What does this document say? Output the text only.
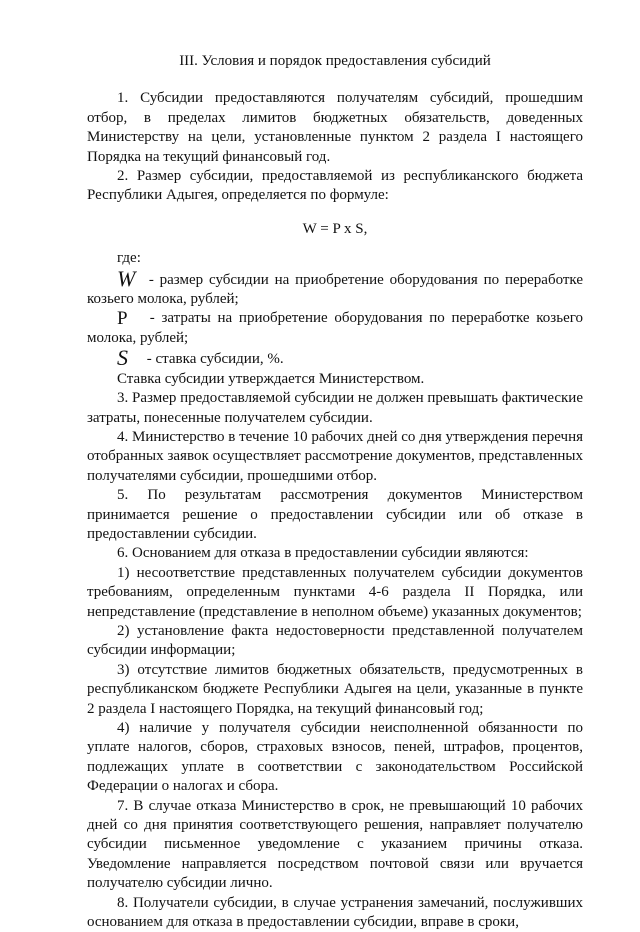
III. Условия и порядок предоставления субсидий

1. Субсидии предоставляются получателям субсидий, прошедшим отбор, в пределах лимитов бюджетных обязательств, доведенных Министерству на цели, установленные пунктом 2 раздела I настоящего Порядка на текущий финансовый год.

2. Размер субсидии, предоставляемой из республиканского бюджета Республики Адыгея, определяется по формуле:

W = P x S,

где:

W - размер субсидии на приобретение оборудования по переработке козьего молока, рублей;

P - затраты на приобретение оборудования по переработке козьего молока, рублей;

S - ставка субсидии, %.

Ставка субсидии утверждается Министерством.

3. Размер предоставляемой субсидии не должен превышать фактические затраты, понесенные получателем субсидии.

4. Министерство в течение 10 рабочих дней со дня утверждения перечня отобранных заявок осуществляет рассмотрение документов, представленных получателями субсидии, прошедшими отбор.

5. По результатам рассмотрения документов Министерством принимается решение о предоставлении субсидии или об отказе в предоставлении субсидии.

6. Основанием для отказа в предоставлении субсидии являются:

1) несоответствие представленных получателем субсидии документов требованиям, определенным пунктами 4-6 раздела II Порядка, или непредставление (представление в неполном объеме) указанных документов;

2) установление факта недостоверности представленной получателем субсидии информации;

3) отсутствие лимитов бюджетных обязательств, предусмотренных в республиканском бюджете Республики Адыгея на цели, указанные в пункте 2 раздела I настоящего Порядка, на текущий финансовый год;

4) наличие у получателя субсидии неисполненной обязанности по уплате налогов, сборов, страховых взносов, пеней, штрафов, процентов, подлежащих уплате в соответствии с законодательством Российской Федерации о налогах и сбора.

7. В случае отказа Министерство в срок, не превышающий 10 рабочих дней со дня принятия соответствующего решения, направляет получателю субсидии письменное уведомление с указанием причины отказа. Уведомление направляется посредством почтовой связи или вручается получателю субсидии лично.

8. Получатели субсидии, в случае устранения замечаний, послуживших основанием для отказа в предоставлении субсидии, вправе в сроки,
